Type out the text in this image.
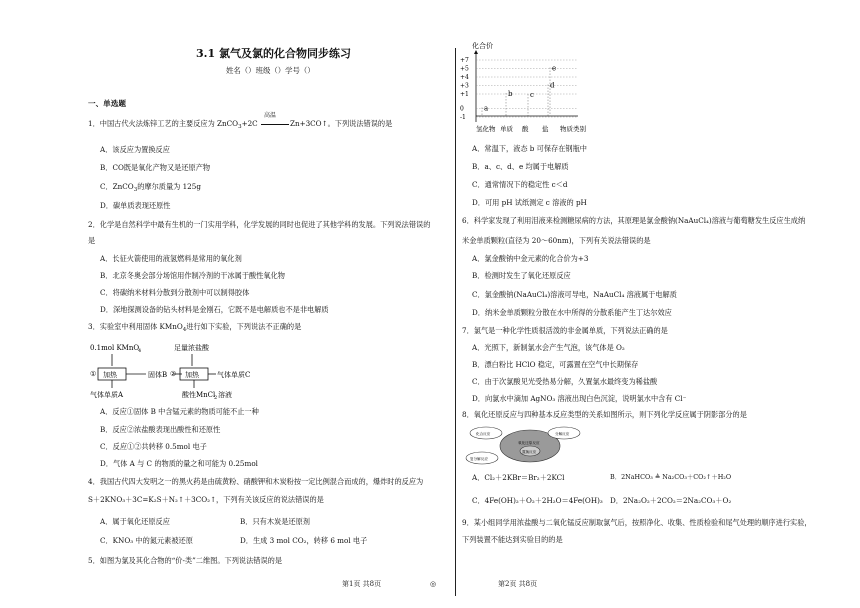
3.1 氯气及氯的化合物同步练习
姓名（）班级（）学号（）
一、单选题
1．中国古代火法炼锌工艺的主要反应为 ZnCO$_3$+2C
高温
Zn+3CO↑。下列说法错误的是
A．该反应为置换反应
B．CO既是氧化产物又是还原产物
C．ZnCO$_3$的摩尔质量为 125g
D．碳单质表现还原性
2．化学是自然科学中最有生机的一门实用学科，化学发展的同时也促进了其他学科的发展。下列说法错误的
是
A．长征火箭使用的液氢燃料是常用的氧化剂
B．北京冬奥会部分场馆用作制冷剂的干冰属于酸性氧化物
C．将碳纳米材料分散到分散剂中可以制得胶体
D．深地探测设备的钻头材料是金刚石，它既不是电解质也不是非电解质
3．实验室中利用固体 KMnO$_4$进行如下实验，下列说法不正确的是
0.1mol KMnO
4	足量浓盐酸
① 加热	固体B ② 加热	气体单质C
气体单质A	酸性MnCl
2 溶液
A．反应①固体 B 中含锰元素的物质可能不止一种
B．反应②浓盐酸表现出酸性和还原性
C．反应①②共转移 0.5mol 电子
D．气体 A 与 C 的物质的量之和可能为 0.25mol
4．我国古代四大发明之一的黑火药是由硫黄粉、硝酸钾和木炭粉按一定比例混合而成的，爆炸时的反应为
S＋2KNO₃＋3C=K₂S＋N₂↑＋3CO₂↑，下列有关该反应的说法错误的是
A．属于氧化还原反应	B．只有木炭是还原剂
C．KNO₃ 中的氮元素被还原	D．生成 3 mol CO₂，转移 6 mol 电子
5．如图为氯及其化合物的“价-类”二维图。下列说法错误的是
第1页 共8页
化合价
+7
+5
+4
+3
+1
0
-1
a
b	c
d
e
氢化物 单质 酸 盐 物质类别
A．常温下，液态 b 可保存在钢瓶中
B．a、c、d、e 均属于电解质
C．通常情况下的稳定性 c＜d
D．可用 pH 试纸测定 c 溶液的 pH
6．科学家发现了利用泪液来检测糖尿病的方法，其原理是氯金酸钠(NaAuCl₄)溶液与葡萄糖发生反应生成纳
米金单质颗粒(直径为 20～60nm)，下列有关说法错误的是
A．氯金酸钠中金元素的化合价为+3
B．检测时发生了氧化还原反应
C．氯金酸钠(NaAuCl₄)溶液可导电，NaAuCl₄ 溶液属于电解质
D．纳米金单质颗粒分散在水中所得的分散系能产生丁达尔效应
7．氯气是一种化学性质很活泼的非金属单质，下列说法正确的是
A．光照下，新制氯水会产生气泡，该气体是 O₂
B．漂白粉比 HClO 稳定，可露置在空气中长期保存
C．由于次氯酸见光受热易分解，久置氯水最终变为稀盐酸
D．向氯水中滴加 AgNO₃ 溶液出现白色沉淀，说明氯水中含有 Cl⁻
8．氧化还原反应与四种基本反应类型的关系如图所示，则下列化学反应属于阴影部分的是
化合反应	分解反应
氧化还原反应
置换反应
复分解反应
A．Cl₂＋2KBr＝Br₂＋2KCl	B．2NaHCO₃ ≜ Na₂CO₃＋CO₂↑＋H₂O
C．4Fe(OH)₂＋O₂＋2H₂O＝4Fe(OH)₃ D．2Na₂O₂＋2CO₂＝2Na₂CO₃＋O₂
9．某小组同学用浓盐酸与二氧化锰反应制取氯气后，按照净化、收集、性质检验和尾气处理的顺序进行实验，
下列装置不能达到实验目的的是
◎	第2页 共8页
